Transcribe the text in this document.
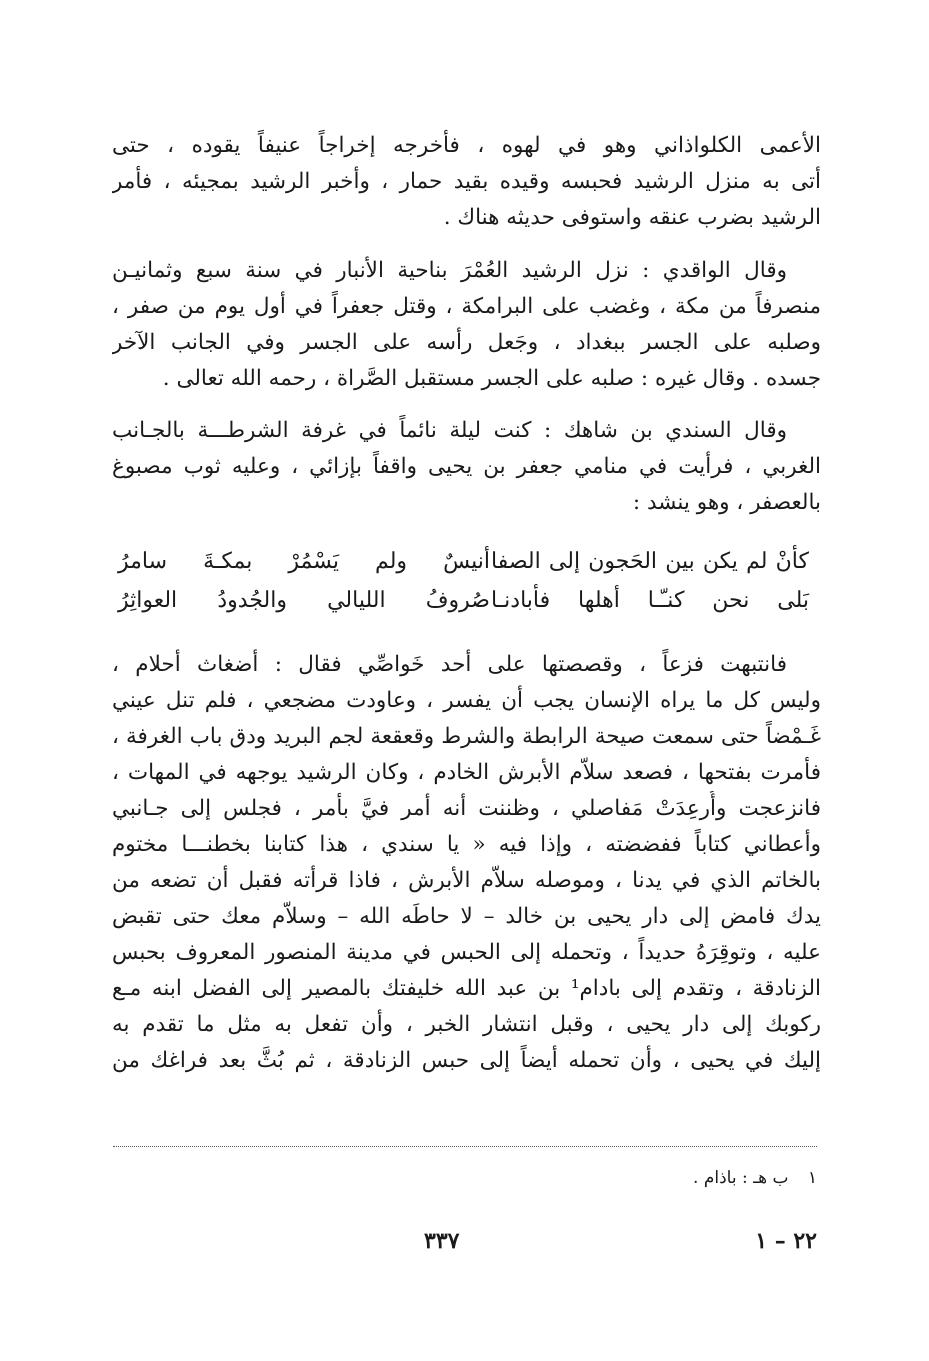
الأعمى الكلواذاني وهو في لهوه ، فأخرجه إخراجاً عنيفاً يقوده ، حتى
أتى به منزل الرشيد فحبسه وقيده بقيد حمار ، وأخبر الرشيد بمجيئه ، فأمر
الرشيد بضرب عنقه واستوفى حديثه هناك .
وقال الواقدي : نزل الرشيد العُمْرَ بناحية الأنبار في سنة سبع وثمانيـن
منصرفاً من مكة ، وغضب على البرامكة ، وقتل جعفراً في أول يوم من صفر ،
وصلبه على الجسر ببغداد ، وجَعل رأسه على الجسر وفي الجانب الآخر
جسده . وقال غيره : صلبه على الجسر مستقبل الصَّراة ، رحمه الله تعالى .
وقال السندي بن شاهك : كنت ليلة نائماً في غرفة الشرطـــة بالجـانب
الغربي ، فرأيت في منامي جعفر بن يحيى واقفاً بإزائي ، وعليه ثوب مصبوغ
بالعصفر ، وهو ينشد :
كأنْ لم يكن بين الحَجون إلى الصفا
أنيسٌ ولم يَسْمُرْ بمكـةَ سامرُ
بَلى نحن كنـّـا أهلها فأبادنـا
صُروفُ الليالي والجُدودُ العواثِرُ
فانتبهت فزعاً ، وقصصتها على أحد خَواصِّي فقال : أضغاث أحلام ،
وليس كل ما يراه الإنسان يجب أن يفسر ، وعاودت مضجعي ، فلم تنل عيني
غَـمْضاً حتى سمعت صيحة الرابطة والشرط وقعقعة لجم البريد ودق باب الغرفة ،
فأمرت بفتحها ، فصعد سلاّم الأبرش الخادم ، وكان الرشيد يوجهه في المهات ،
فانزعجت وأُرعِدَتْ مَفاصلي ، وظننت أنه أمر فيَّ بأمر ، فجلس إلى جـانبي
وأعطاني كتاباً ففضضته ، وإذا فيه « يا سندي ، هذا كتابنا بخطنـــا مختوم
بالخاتم الذي في يدنا ، وموصله سلاّم الأبرش ، فاذا قرأته فقبل أن تضعه من
يدك فامض إلى دار يحيى بن خالد – لا حاطَه الله – وسلاّم معك حتى تقبض
عليه ، وتوقِرَهُ حديداً ، وتحمله إلى الحبس في مدينة المنصور المعروف بحبس
الزنادقة ، وتقدم إلى بادام¹ بن عبد الله خليفتك بالمصير إلى الفضل ابنه مـع
ركوبك إلى دار يحيى ، وقبل انتشار الخبر ، وأن تفعل به مثل ما تقدم به
إليك في يحيى ، وأن تحمله أيضاً إلى حبس الزنادقة ، ثم بُثَّ بعد فراغك من
١ ب هـ : باذام .
٣٣٧	٢٢ – ١
